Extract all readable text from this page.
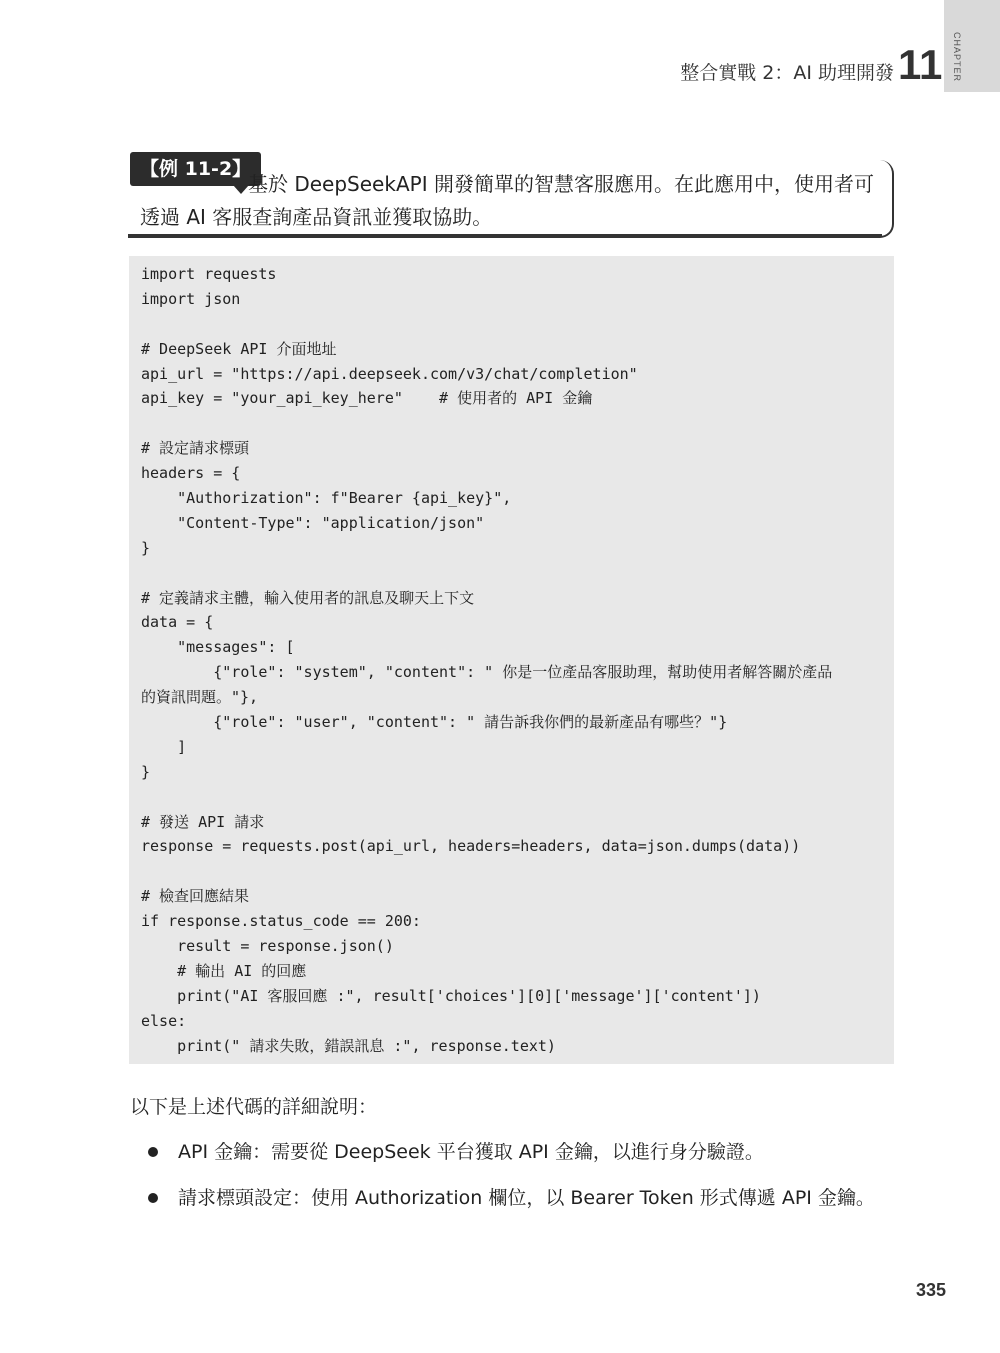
CHAPTER
整合實戰 2：AI 助理開發 11
【例 11-2】
基於 DeepSeekAPI 開發簡單的智慧客服應用。在此應用中，使用者可透過 AI 客服查詢產品資訊並獲取協助。
import requests
import json
# DeepSeek API 介面地址
api_url = "https://api.deepseek.com/v3/chat/completion"
api_key = "your_api_key_here"    # 使用者的 API 金鑰
# 設定請求標頭
headers = {
"Authorization": f"Bearer {api_key}",
"Content-Type": "application/json"
}
# 定義請求主體，輸入使用者的訊息及聊天上下文
data = {
"messages": [
{"role": "system", "content": " 你是一位產品客服助理，幫助使用者解答關於產品
的資訊問題。"},
{"role": "user", "content": " 請告訴我你們的最新產品有哪些？"}
]
}
# 發送 API 請求
response = requests.post(api_url, headers=headers, data=json.dumps(data))
# 檢查回應結果
if response.status_code == 200:
result = response.json()
# 輸出 AI 的回應
print("AI 客服回應 :", result['choices'][0]['message']['content'])
else:
print(" 請求失敗，錯誤訊息 :", response.text)
以下是上述代碼的詳細說明：
API 金鑰：需要從 DeepSeek 平台獲取 API 金鑰，以進行身分驗證。
請求標頭設定：使用 Authorization 欄位，以 Bearer Token 形式傳遞 API 金鑰。
335
